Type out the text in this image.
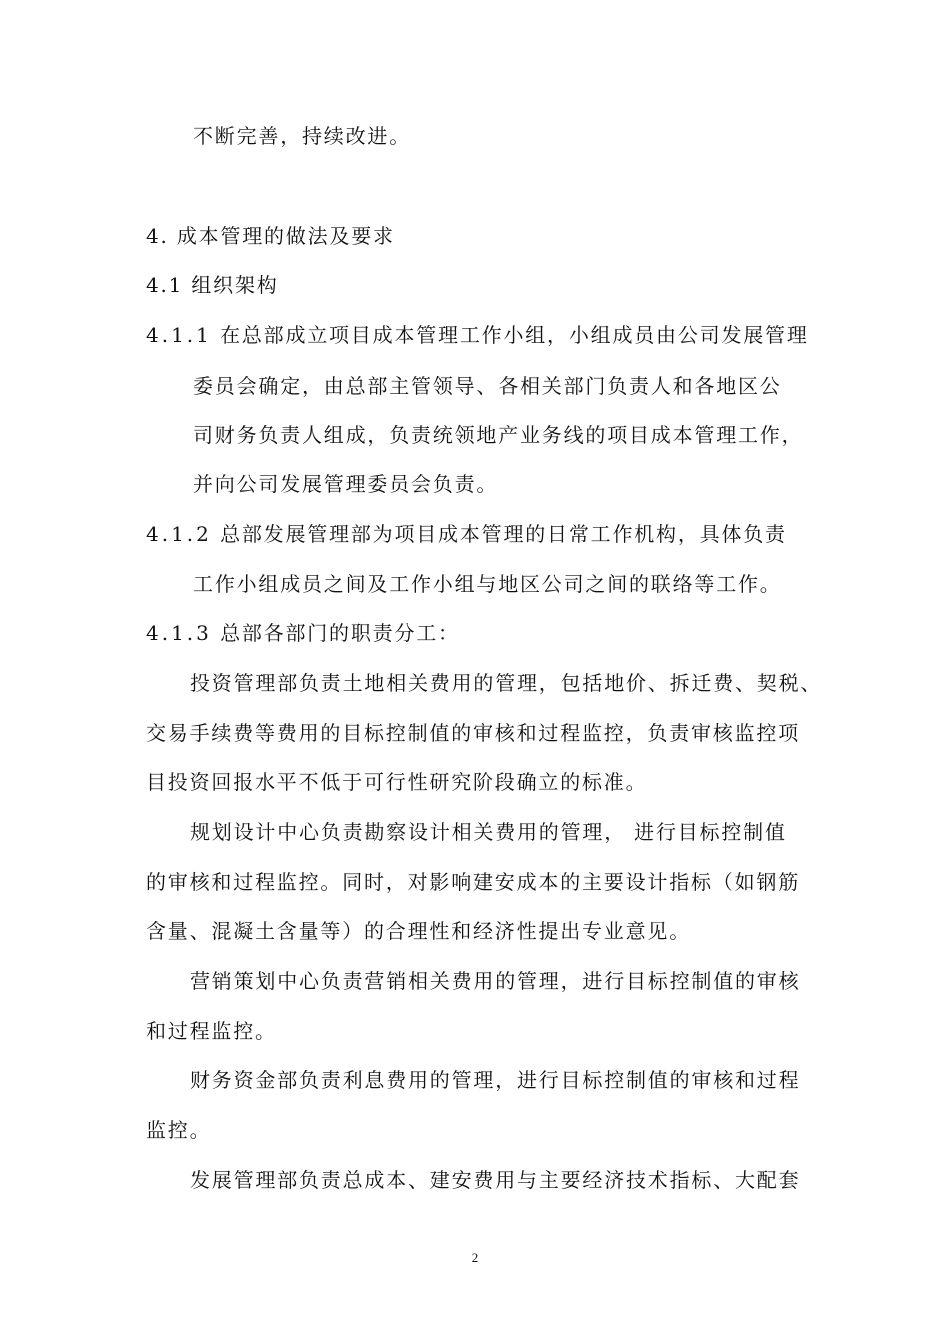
不断完善，持续改进。
4. 成本管理的做法及要求
4.1 组织架构
4.1.1 在总部成立项目成本管理工作小组，小组成员由公司发展管理
委员会确定，由总部主管领导、各相关部门负责人和各地区公
司财务负责人组成，负责统领地产业务线的项目成本管理工作，
并向公司发展管理委员会负责。
4.1.2 总部发展管理部为项目成本管理的日常工作机构，具体负责
工作小组成员之间及工作小组与地区公司之间的联络等工作。
4.1.3 总部各部门的职责分工：
投资管理部负责土地相关费用的管理，包括地价、拆迁费、契税、
交易手续费等费用的目标控制值的审核和过程监控，负责审核监控项
目投资回报水平不低于可行性研究阶段确立的标准。
规划设计中心负责勘察设计相关费用的管理， 进行目标控制值
的审核和过程监控。同时，对影响建安成本的主要设计指标（如钢筋
含量、混凝土含量等）的合理性和经济性提出专业意见。
营销策划中心负责营销相关费用的管理，进行目标控制值的审核
和过程监控。
财务资金部负责利息费用的管理，进行目标控制值的审核和过程
监控。
发展管理部负责总成本、建安费用与主要经济技术指标、大配套
2
